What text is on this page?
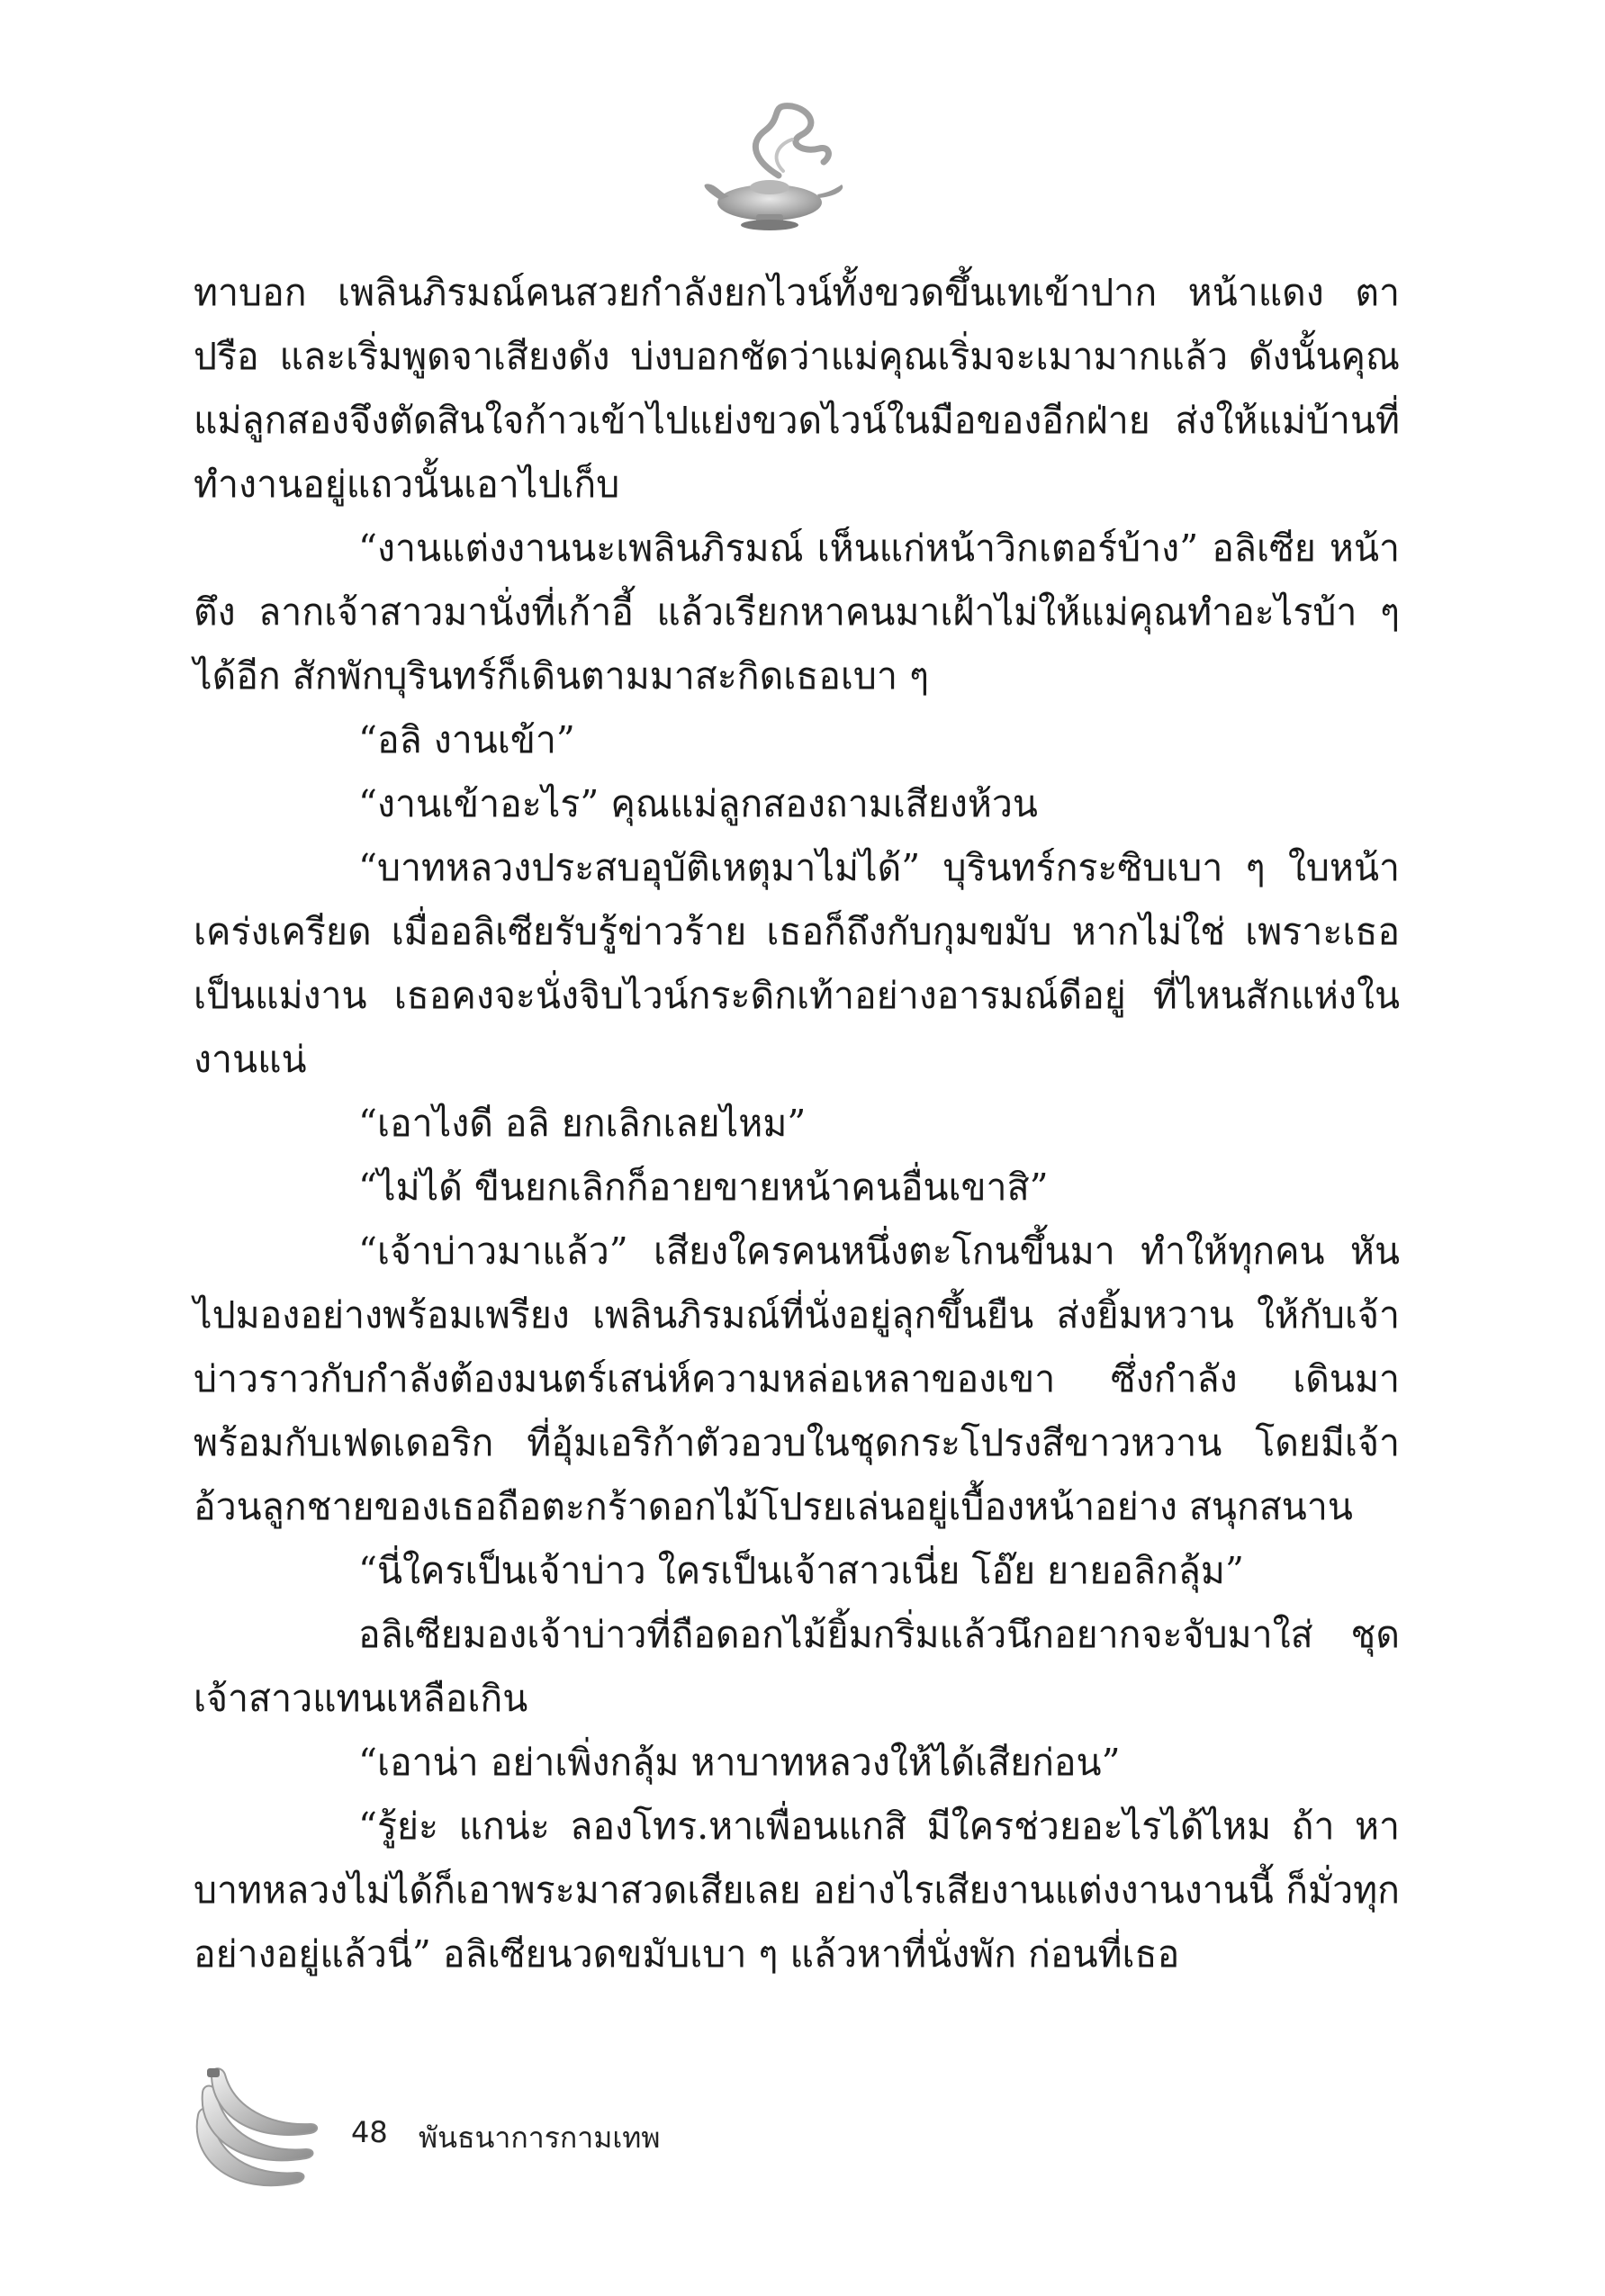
ทาบอก เพลินภิรมณ์คนสวยกำลังยกไวน์ทั้งขวดขึ้นเทเข้าปาก หน้าแดง ตาปรือ และเริ่มพูดจาเสียงดัง บ่งบอกชัดว่าแม่คุณเริ่มจะเมามากแล้ว ดังนั้นคุณแม่ลูกสองจึงตัดสินใจก้าวเข้าไปแย่งขวดไวน์ในมือของอีกฝ่าย ส่งให้แม่บ้านที่ทำงานอยู่แถวนั้นเอาไปเก็บ

“งานแต่งงานนะเพลินภิรมณ์ เห็นแก่หน้าวิกเตอร์บ้าง” อลิเซีย หน้าตึง ลากเจ้าสาวมานั่งที่เก้าอี้ แล้วเรียกหาคนมาเฝ้าไม่ให้แม่คุณทำอะไรบ้า ๆ ได้อีก สักพักบุรินทร์ก็เดินตามมาสะกิดเธอเบา ๆ

“อลิ งานเข้า”

“งานเข้าอะไร” คุณแม่ลูกสองถามเสียงห้วน

“บาทหลวงประสบอุบัติเหตุมาไม่ได้” บุรินทร์กระซิบเบา ๆ ใบหน้าเคร่งเครียด เมื่ออลิเซียรับรู้ข่าวร้าย เธอก็ถึงกับกุมขมับ หากไม่ใช่ เพราะเธอเป็นแม่งาน เธอคงจะนั่งจิบไวน์กระดิกเท้าอย่างอารมณ์ดีอยู่ ที่ไหนสักแห่งในงานแน่

“เอาไงดี อลิ ยกเลิกเลยไหม”

“ไม่ได้ ขืนยกเลิกก็อายขายหน้าคนอื่นเขาสิ”

“เจ้าบ่าวมาแล้ว” เสียงใครคนหนึ่งตะโกนขึ้นมา ทำให้ทุกคน หันไปมองอย่างพร้อมเพรียง เพลินภิรมณ์ที่นั่งอยู่ลุกขึ้นยืน ส่งยิ้มหวาน ให้กับเจ้าบ่าวราวกับกำลังต้องมนตร์เสน่ห์ความหล่อเหลาของเขา ซึ่งกำลัง เดินมาพร้อมกับเฟดเดอริก ที่อุ้มเอริก้าตัวอวบในชุดกระโปรงสีขาวหวาน โดยมีเจ้าอ้วนลูกชายของเธอถือตะกร้าดอกไม้โปรยเล่นอยู่เบื้องหน้าอย่าง สนุกสนาน

“นี่ใครเป็นเจ้าบ่าว ใครเป็นเจ้าสาวเนี่ย โอ๊ย ยายอลิกลุ้ม”

อลิเซียมองเจ้าบ่าวที่ถือดอกไม้ยิ้มกริ่มแล้วนึกอยากจะจับมาใส่ ชุดเจ้าสาวแทนเหลือเกิน

“เอาน่า อย่าเพิ่งกลุ้ม หาบาทหลวงให้ได้เสียก่อน”

“รู้ย่ะ แกน่ะ ลองโทร.หาเพื่อนแกสิ มีใครช่วยอะไรได้ไหม ถ้า หาบาทหลวงไม่ได้ก็เอาพระมาสวดเสียเลย อย่างไรเสียงานแต่งงานงานนี้ ก็มั่วทุกอย่างอยู่แล้วนี่” อลิเซียนวดขมับเบา ๆ แล้วหาที่นั่งพัก ก่อนที่เธอ

48 พันธนาการกามเทพ
